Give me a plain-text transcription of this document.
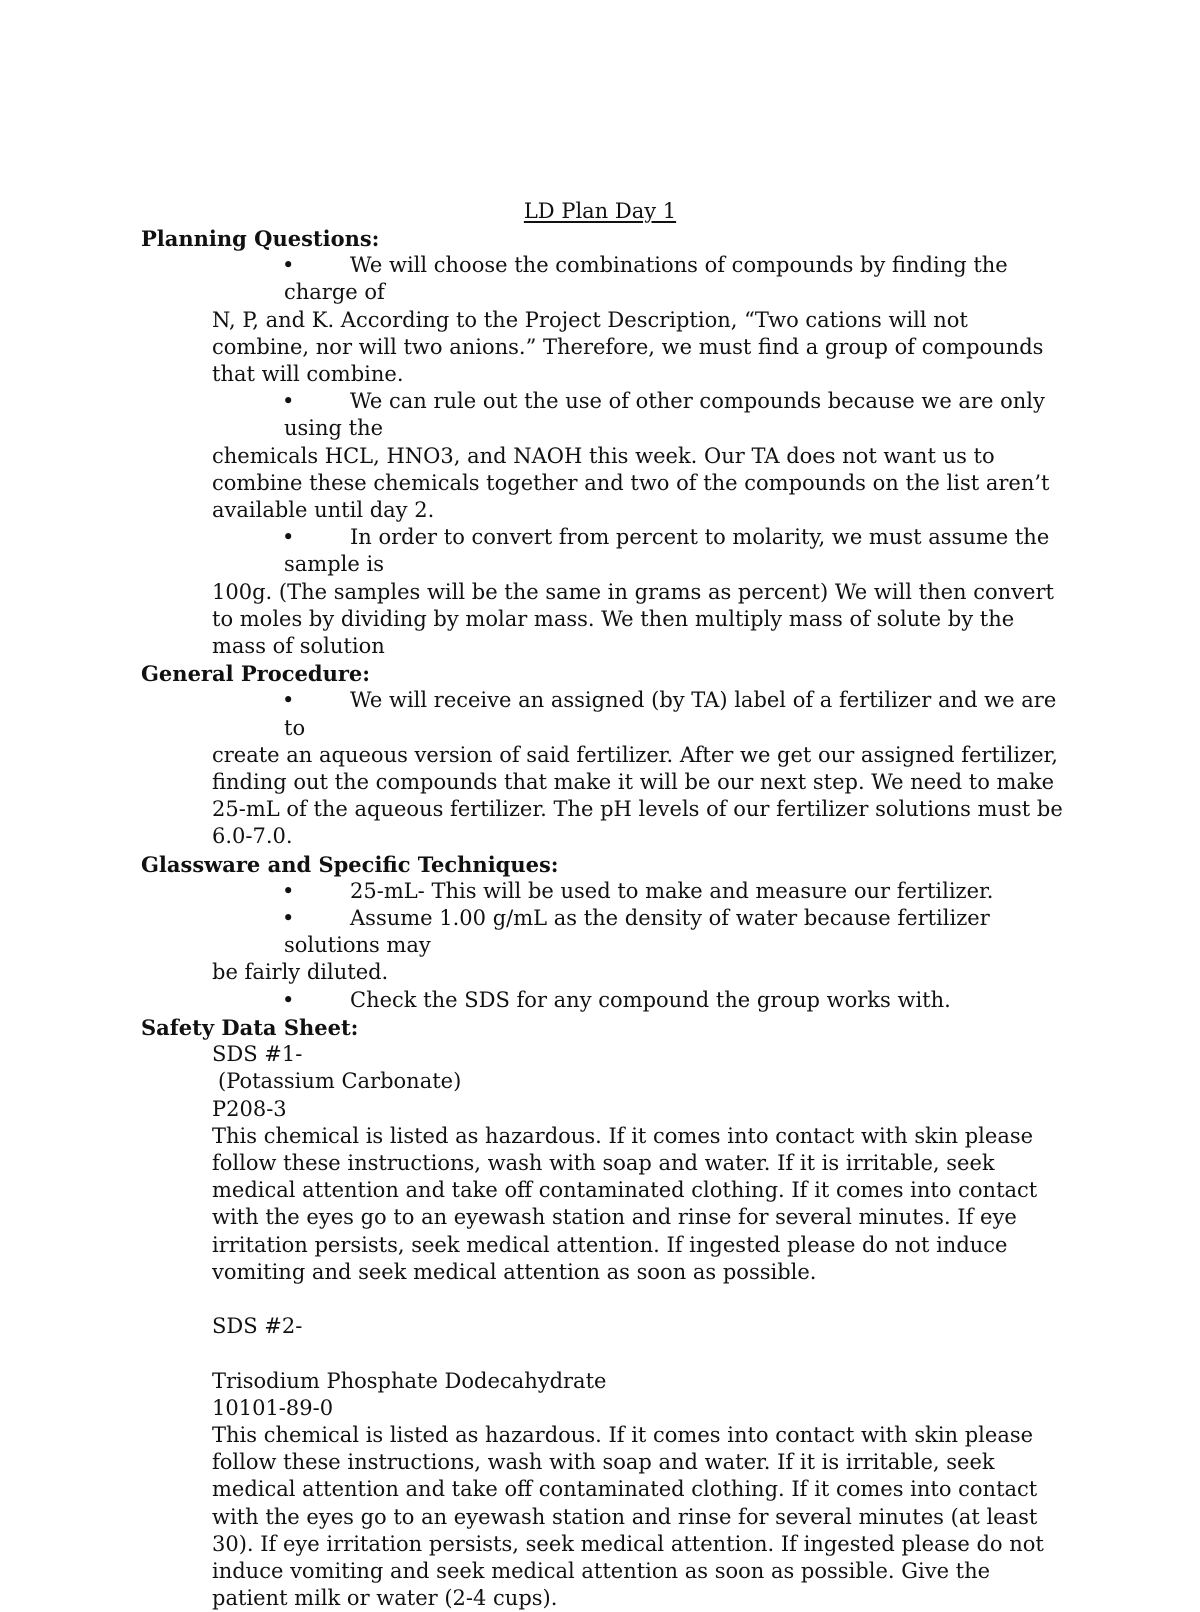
LD Plan Day 1

Planning Questions:

•	We will choose the combinations of compounds by finding the charge of
N, P, and K. According to the Project Description, “Two cations will not combine, nor will two anions.” Therefore, we must find a group of compounds that will combine.
•	We can rule out the use of other compounds because we are only using the
chemicals HCL, HNO3, and NAOH this week. Our TA does not want us to combine these chemicals together and two of the compounds on the list aren’t available until day 2.
•	In order to convert from percent to molarity, we must assume the sample is
100g. (The samples will be the same in grams as percent) We will then convert to moles by dividing by molar mass. We then multiply mass of solute by the mass of solution

General Procedure:

•	We will receive an assigned (by TA) label of a fertilizer and we are to
create an aqueous version of said fertilizer. After we get our assigned fertilizer, finding out the compounds that make it will be our next step. We need to make 25-mL of the aqueous fertilizer. The pH levels of our fertilizer solutions must be 6.0-7.0.

Glassware and Specific Techniques:

•	25-mL- This will be used to make and measure our fertilizer.
•	Assume 1.00 g/mL as the density of water because fertilizer solutions may
be fairly diluted.
•	Check the SDS for any compound the group works with.

Safety Data Sheet:

SDS #1-
(Potassium Carbonate)
P208-3
This chemical is listed as hazardous. If it comes into contact with skin please follow these instructions, wash with soap and water. If it is irritable, seek medical attention and take off contaminated clothing. If it comes into contact with the eyes go to an eyewash station and rinse for several minutes. If eye irritation persists, seek medical attention. If ingested please do not induce vomiting and seek medical attention as soon as possible.
SDS #2-
Trisodium Phosphate Dodecahydrate
10101-89-0
This chemical is listed as hazardous. If it comes into contact with skin please follow these instructions, wash with soap and water. If it is irritable, seek medical attention and take off contaminated clothing. If it comes into contact with the eyes go to an eyewash station and rinse for several minutes (at least 30). If eye irritation persists, seek medical attention. If ingested please do not induce vomiting and seek medical attention as soon as possible. Give the patient milk or water (2-4 cups).
